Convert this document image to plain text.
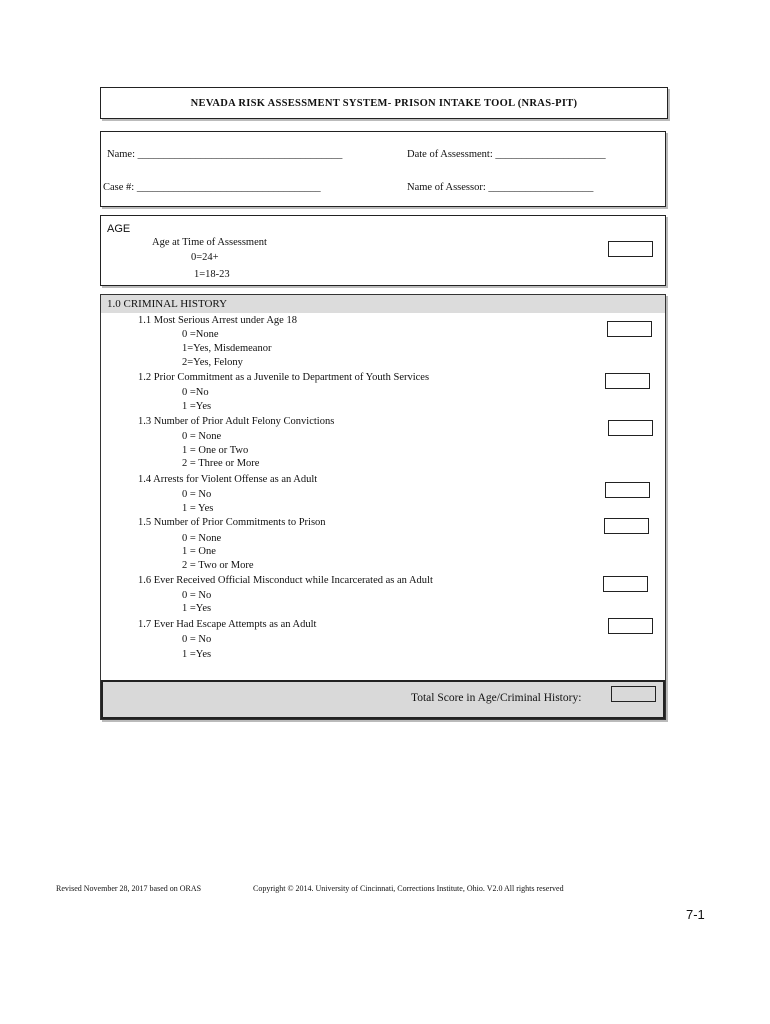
NEVADA RISK ASSESSMENT SYSTEM- PRISON INTAKE TOOL (NRAS-PIT)
Name: _______________________________________	Date of Assessment: _____________________
Case #: ___________________________________	Name of Assessor: ____________________
AGE
Age at Time of Assessment
0=24+
1=18-23
1.0 CRIMINAL HISTORY
1.1 Most Serious Arrest under Age 18
0 =None
1=Yes, Misdemeanor
2=Yes, Felony
1.2 Prior Commitment as a Juvenile to Department of Youth Services
0 =No
1 =Yes
1.3 Number of Prior Adult Felony Convictions
0 = None
1 = One or Two
2 = Three or More
1.4 Arrests for Violent Offense as an Adult
0 = No
1 = Yes
1.5 Number of Prior Commitments to Prison
0 = None
1 = One
2 = Two or More
1.6 Ever Received Official Misconduct while Incarcerated as an Adult
0 = No
1 =Yes
1.7 Ever Had Escape Attempts as an Adult
0 = No
1 =Yes
Total Score in Age/Criminal History:
Revised November 28, 2017 based on ORAS	Copyright © 2014. University of Cincinnati, Corrections Institute, Ohio. V2.0 All rights reserved
7-1
